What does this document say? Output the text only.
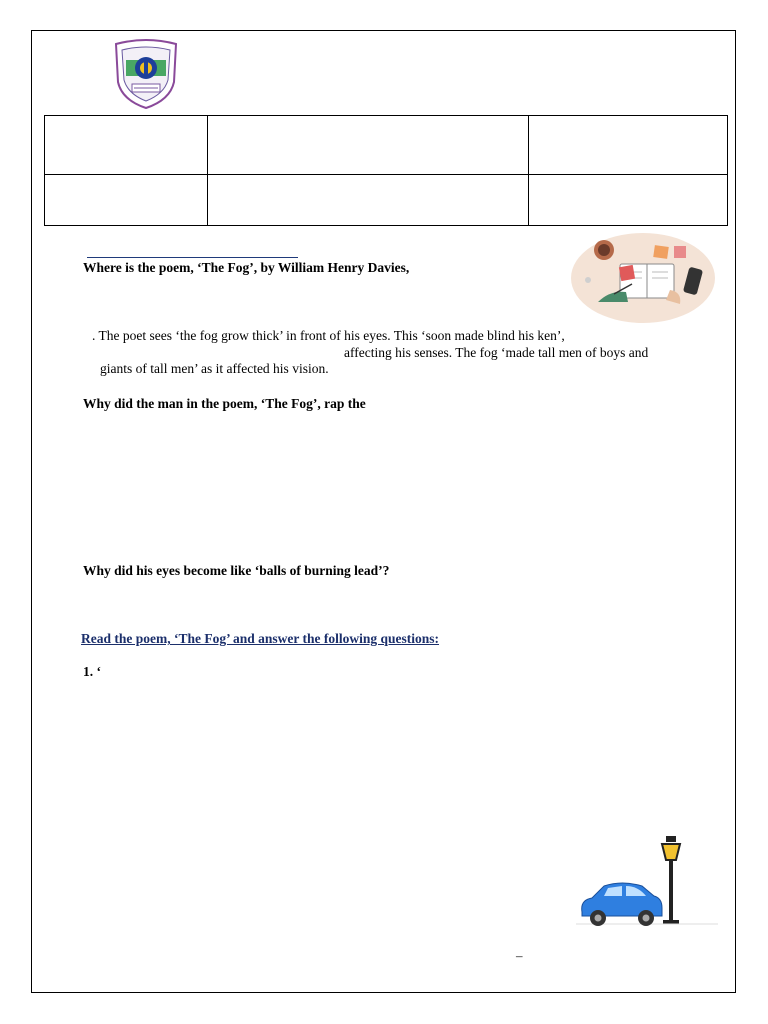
Where is the poem, ‘The Fog’, by William Henry Davies,
. The poet sees ‘the fog grow thick’ in front of his eyes. This ‘soon made blind his ken’,
affecting his senses. The fog ‘made tall men of boys and
giants of tall men’ as it affected his vision.
Why did the man in the poem, ‘The Fog’, rap the
Why did his eyes become like ‘balls of burning lead’?
Read the poem, ‘The Fog’ and answer the following questions:
1. ‘
–
